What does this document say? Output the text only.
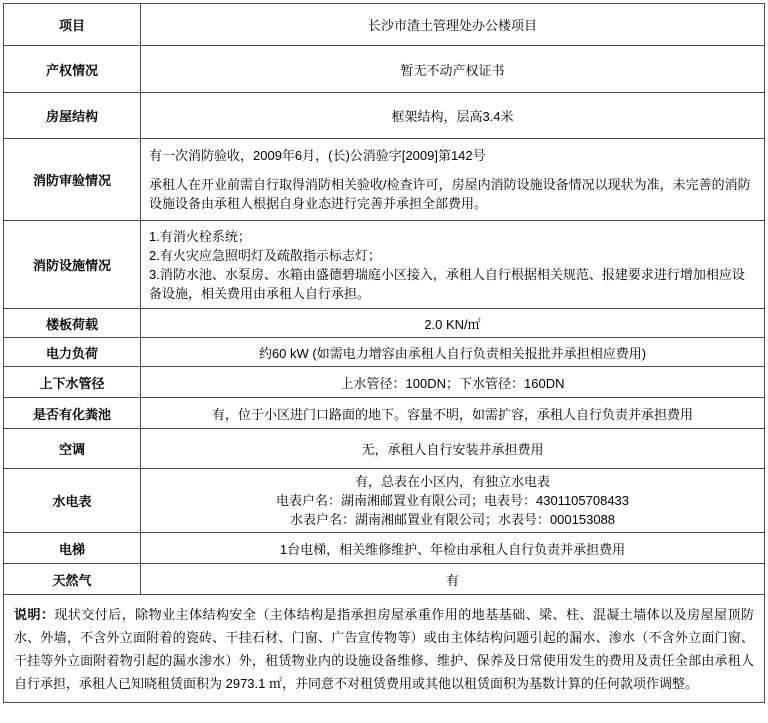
项目	长沙市渣土管理处办公楼项目
产权情况	暂无不动产权证书
房屋结构	框架结构，层高3.4米
消防审验情况	有一次消防验收，2009年6月，(长)公消验字[2009]第142号
承租人在开业前需自行取得消防相关验收/检查许可，房屋内消防设施设备情况以现状为准，未完善的消防设施设备由承租人根据自身业态进行完善并承担全部费用。

消防设施情况	1.有消火栓系统；
2.有火灾应急照明灯及疏散指示标志灯；
3.消防水池、水泵房、水箱由盛德碧瑞庭小区接入，承租人自行根据相关规范、报建要求进行增加相应设备设施，相关费用由承租人自行承担。

楼板荷载	2.0 KN/㎡
电力负荷	约60 kW (如需电力增容由承租人自行负责相关报批并承担相应费用)
上下水管径	上水管径：100DN；下水管径：160DN
是否有化粪池	有，位于小区进门口路面的地下。容量不明，如需扩容，承租人自行负责并承担费用
空调	无，承租人自行安装并承担费用
水电表	有，总表在小区内，有独立水电表
电表户名：湖南湘邮置业有限公司；电表号：4301105708433
水表户名：湖南湘邮置业有限公司；水表号：000153088

电梯	1台电梯，相关维修维护、年检由承租人自行负责并承担费用
天然气	有
说明：现状交付后，除物业主体结构安全（主体结构是指承担房屋承重作用的地基基础、梁、柱、混凝土墙体以及房屋屋顶防水、外墙，不含外立面附着的瓷砖、干挂石材、门窗、广告宣传物等）或由主体结构问题引起的漏水、渗水（不含外立面门窗、干挂等外立面附着物引起的漏水渗水）外，租赁物业内的设施设备维修、维护、保养及日常使用发生的费用及责任全部由承租人自行承担，承租人已知晓租赁面积为 2973.1 ㎡，并同意不对租赁费用或其他以租赁面积为基数计算的任何款项作调整。	
